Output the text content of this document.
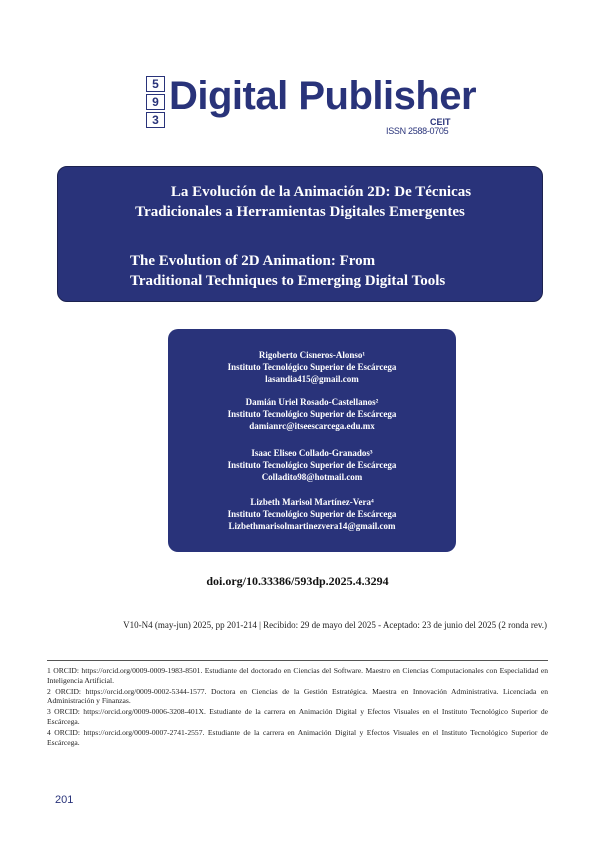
5
9
3
Digital Publisher
CEIT
ISSN 2588-0705
La Evolución de la Animación 2D: De Técnicas
Tradicionales a Herramientas Digitales Emergentes
The Evolution of 2D Animation: From
Traditional Techniques to Emerging Digital Tools
Rigoberto Cisneros-Alonso¹
Instituto Tecnológico Superior de Escárcega
lasandia415@gmail.com
Damián Uriel Rosado-Castellanos²
Instituto Tecnológico Superior de Escárcega
damianrc@itseescarcega.edu.mx
Isaac Eliseo Collado-Granados³
Instituto Tecnológico Superior de Escárcega
Colladito98@hotmail.com
Lizbeth Marisol Martínez-Vera⁴
Instituto Tecnológico Superior de Escárcega
Lizbethmarisolmartinezvera14@gmail.com
doi.org/10.33386/593dp.2025.4.3294
V10-N4 (may-jun) 2025, pp 201-214 | Recibido: 29 de mayo del 2025 - Aceptado: 23 de junio del 2025 (2 ronda rev.)
1 ORCID: https://orcid.org/0009-0009-1983-8501. Estudiante del doctorado en Ciencias del Software. Maestro en Ciencias Computacionales con Especialidad en Inteligencia Artificial.
2 ORCID: https://orcid.org/0009-0002-5344-1577. Doctora en Ciencias de la Gestión Estratégica. Maestra en Innovación Administrativa. Licenciada en Administración y Finanzas.
3 ORCID: https://orcid.org/0009-0006-3208-401X. Estudiante de la carrera en Animación Digital y Efectos Visuales en el Instituto Tecnológico Superior de Escárcega.
4 ORCID: https://orcid.org/0009-0007-2741-2557. Estudiante de la carrera en Animación Digital y Efectos Visuales en el Instituto Tecnológico Superior de Escárcega.
201
